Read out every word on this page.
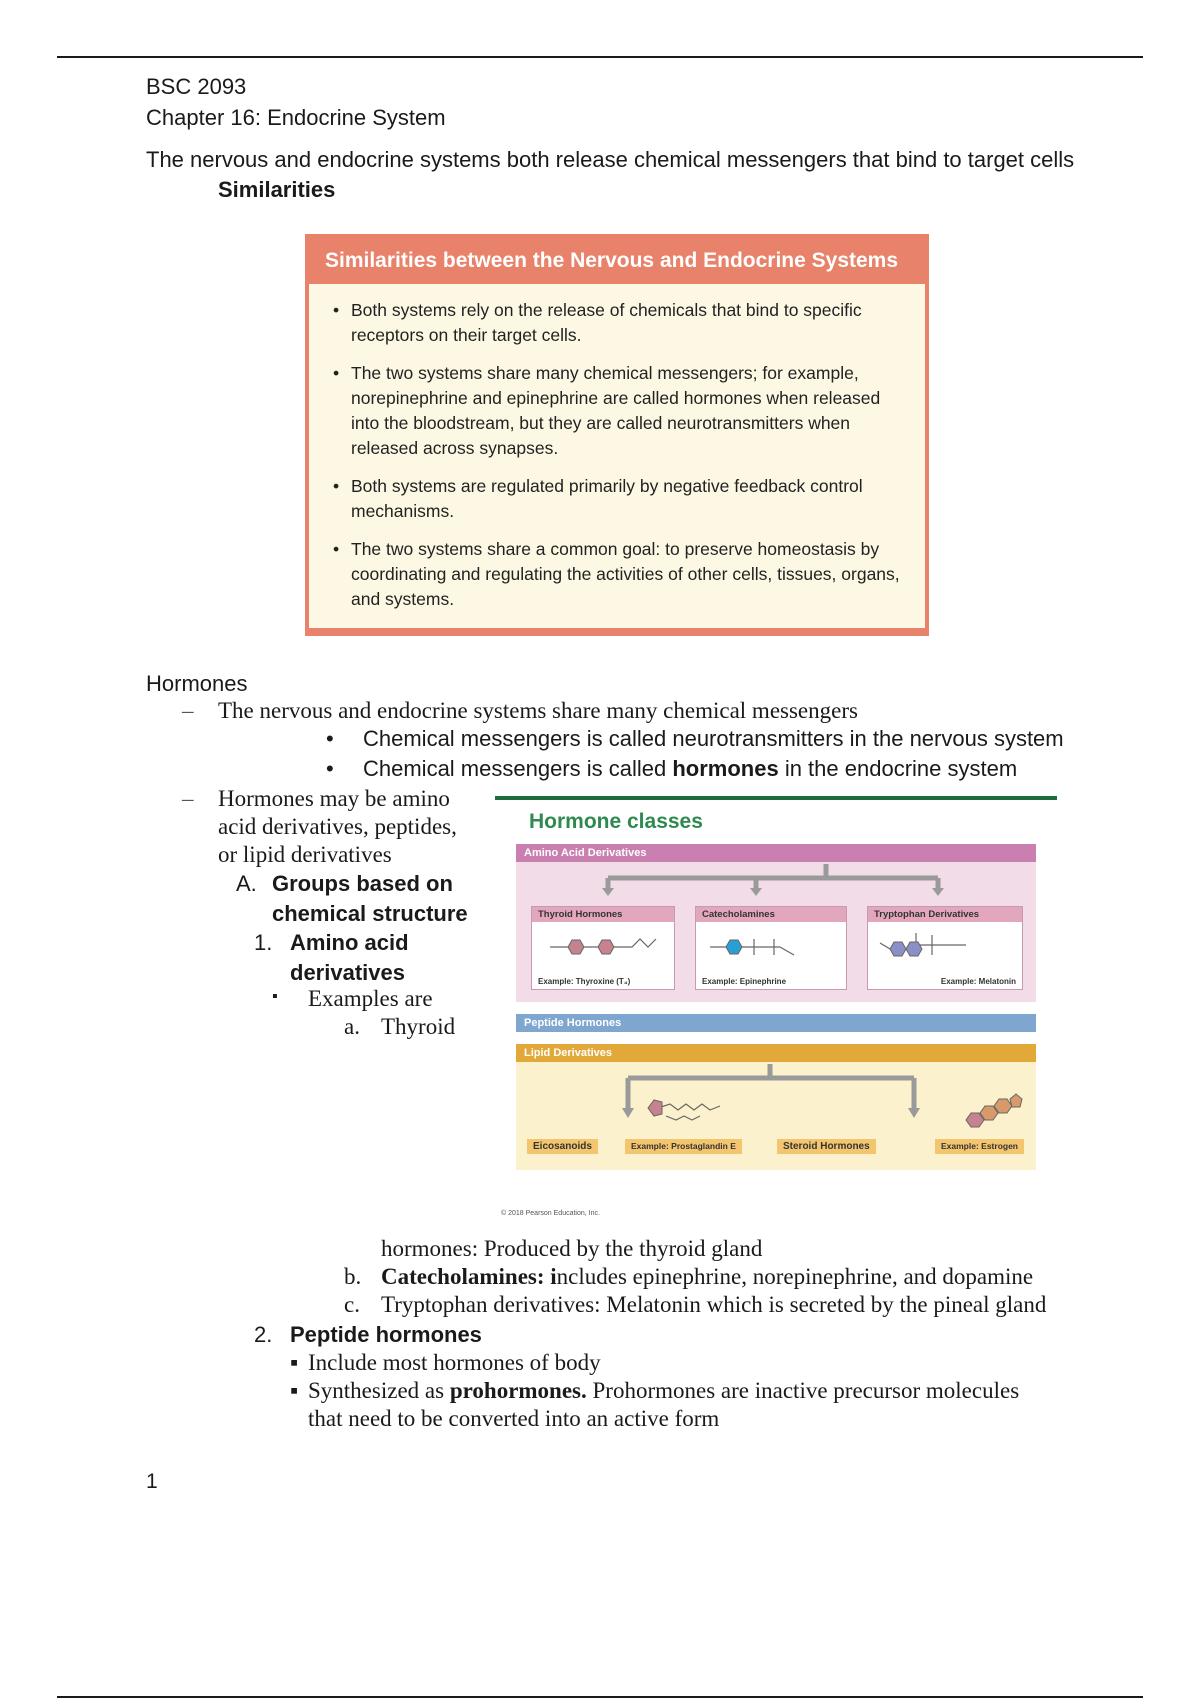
BSC 2093
Chapter 16: Endocrine System
The nervous and endocrine systems both release chemical messengers that bind to target cells
Similarities
Similarities between the Nervous and Endocrine Systems
• Both systems rely on the release of chemicals that bind to specific receptors on their target cells.
• The two systems share many chemical messengers; for example, norepinephrine and epinephrine are called hormones when released into the bloodstream, but they are called neurotransmitters when released across synapses.
• Both systems are regulated primarily by negative feedback control mechanisms.
• The two systems share a common goal: to preserve homeostasis by coordinating and regulating the activities of other cells, tissues, organs, and systems.
Hormones
– The nervous and endocrine systems share many chemical messengers
• Chemical messengers is called neurotransmitters in the nervous system
• Chemical messengers is called hormones in the endocrine system
– Hormones may be amino
acid derivatives, peptides,
or lipid derivatives
A. Groups based on
chemical structure
1. Amino acid
derivatives
▪ Examples are
a. Thyroid
hormones: Produced by the thyroid gland
b. Catecholamines: includes epinephrine, norepinephrine, and dopamine
c. Tryptophan derivatives: Melatonin which is secreted by the pineal gland
2. Peptide hormones
▪ Include most hormones of body
▪ Synthesized as prohormones. Prohormones are inactive precursor molecules
that need to be converted into an active form
Hormone classes
Amino Acid Derivatives
Thyroid Hormones
Example: Thyroxine (T₄)
Catecholamines
Example: Epinephrine
Tryptophan Derivatives
Example: Melatonin
Peptide Hormones
Lipid Derivatives
Eicosanoids	Example: Prostaglandin E	Steroid Hormones	Example: Estrogen
© 2018 Pearson Education, Inc.
1
